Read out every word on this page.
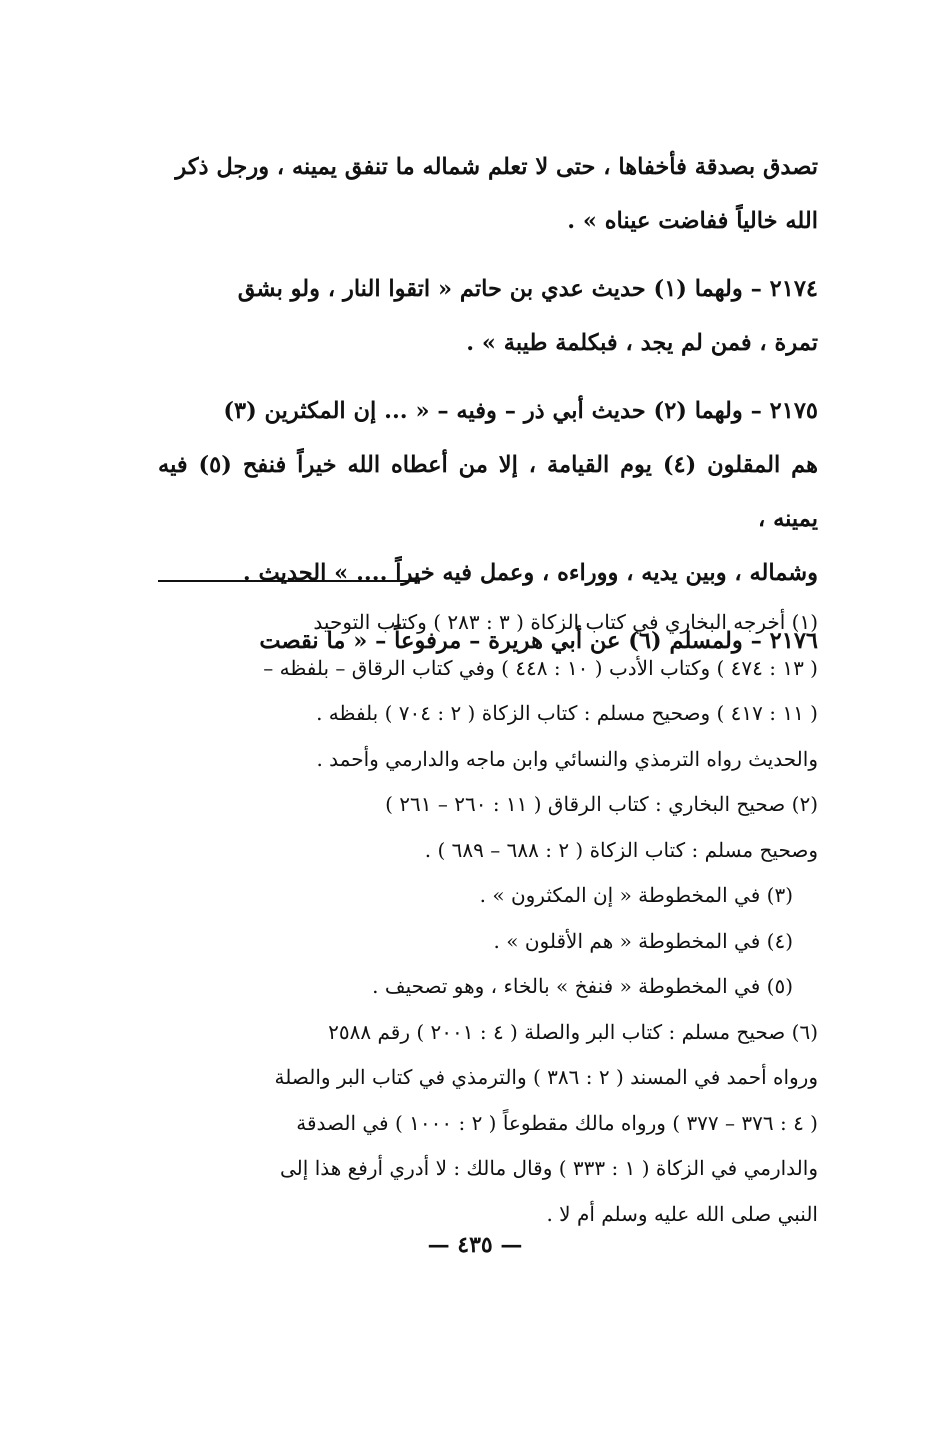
تصدق بصدقة فأخفاها ، حتى لا تعلم شماله ما تنفق يمينه ، ورجل ذكر

الله خالياً ففاضت عيناه » .

٢١٧٤ – ولهما (١) حديث عدي بن حاتم « اتقوا النار ، ولو بشق

تمرة ، فمن لم يجد ، فبكلمة طيبة » .

٢١٧٥ – ولهما (٢) حديث أبي ذر – وفيه – « ... إن المكثرين (٣)

هم المقلون (٤) يوم القيامة ، إلا من أعطاه الله خيراً فنفح (٥) فيه يمينه ،

وشماله ، وبين يديه ، ووراءه ، وعمل فيه خيراً .... » الحديث .

٢١٧٦ – ولمسلم (٦) عن أبي هريرة – مرفوعاً – « ما نقصت

(١) أخرجه البخاري في كتاب الزكاة ( ٣ : ٢٨٣ ) وكتاب التوحيد

( ١٣ : ٤٧٤ ) وكتاب الأدب ( ١٠ : ٤٤٨ ) وفي كتاب الرقاق – بلفظه –

( ١١ : ٤١٧ ) وصحيح مسلم : كتاب الزكاة ( ٢ : ٧٠٤ ) بلفظه .

والحديث رواه الترمذي والنسائي وابن ماجه والدارمي وأحمد .

(٢) صحيح البخاري : كتاب الرقاق ( ١١ : ٢٦٠ – ٢٦١ )

وصحيح مسلم : كتاب الزكاة ( ٢ : ٦٨٨ – ٦٨٩ ) .

(٣) في المخطوطة « إن المكثرون » .

(٤) في المخطوطة « هم الأقلون » .

(٥) في المخطوطة « فنفخ » بالخاء ، وهو تصحيف .

(٦) صحيح مسلم : كتاب البر والصلة ( ٤ : ٢٠٠١ ) رقم ٢٥٨٨

ورواه أحمد في المسند ( ٢ : ٣٨٦ ) والترمذي في كتاب البر والصلة

( ٤ : ٣٧٦ – ٣٧٧ ) ورواه مالك مقطوعاً ( ٢ : ١٠٠٠ ) في الصدقة

والدارمي في الزكاة ( ١ : ٣٣٣ ) وقال مالك : لا أدري أرفع هذا إلى

النبي صلى الله عليه وسلم أم لا .

— ٤٣٥ —
